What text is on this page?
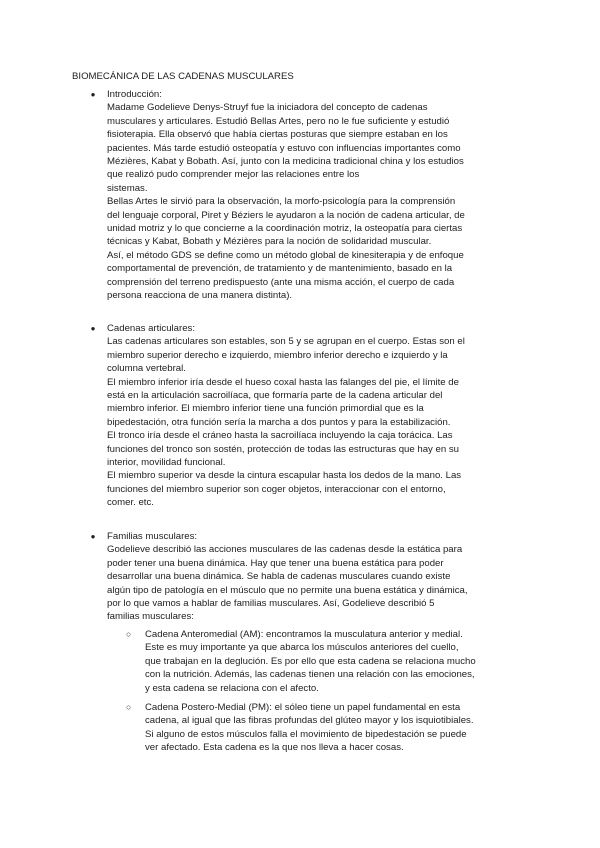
BIOMECÁNICA DE LAS CADENAS MUSCULARES
● Introducción:
Madame Godelieve Denys-Struyf fue la iniciadora del concepto de cadenas
musculares y articulares. Estudió Bellas Artes, pero no le fue suficiente y estudió
fisioterapia. Ella observó que había ciertas posturas que siempre estaban en los
pacientes. Más tarde estudió osteopatía y estuvo con influencias importantes como
Mézières, Kabat y Bobath. Así, junto con la medicina tradicional china y los estudios
que realizó pudo comprender mejor las relaciones entre los
sistemas.
Bellas Artes le sirvió para la observación, la morfo-psicología para la comprensión
del lenguaje corporal, Piret y Béziers le ayudaron a la noción de cadena articular, de
unidad motriz y lo que concierne a la coordinación motriz, la osteopatía para ciertas
técnicas y Kabat, Bobath y Mézières para la noción de solidaridad muscular.
Así, el método GDS se define como un método global de kinesiterapia y de enfoque
comportamental de prevención, de tratamiento y de mantenimiento, basado en la
comprensión del terreno predispuesto (ante una misma acción, el cuerpo de cada
persona reacciona de una manera distinta).
● Cadenas articulares:
Las cadenas articulares son estables, son 5 y se agrupan en el cuerpo. Estas son el
miembro superior derecho e izquierdo, miembro inferior derecho e izquierdo y la
columna vertebral.
El miembro inferior iría desde el hueso coxal hasta las falanges del pie, el límite de
está en la articulación sacroilíaca, que formaría parte de la cadena articular del
miembro inferior. El miembro inferior tiene una función primordial que es la
bipedestación, otra función sería la marcha a dos puntos y para la estabilización.
El tronco iría desde el cráneo hasta la sacroilíaca incluyendo la caja torácica. Las
funciones del tronco son sostén, protección de todas las estructuras que hay en su
interior, movilidad funcional.
El miembro superior va desde la cintura escapular hasta los dedos de la mano. Las
funciones del miembro superior son coger objetos, interaccionar con el entorno,
comer. etc.
● Familias musculares:
Godelieve describió las acciones musculares de las cadenas desde la estática para
poder tener una buena dinámica. Hay que tener una buena estática para poder
desarrollar una buena dinámica. Se habla de cadenas musculares cuando existe
algún tipo de patología en el músculo que no permite una buena estática y dinámica,
por lo que vamos a hablar de familias musculares. Así, Godelieve describió 5
familias musculares:
○ Cadena Anteromedial (AM): encontramos la musculatura anterior y medial.
Este es muy importante ya que abarca los músculos anteriores del cuello,
que trabajan en la deglución. Es por ello que esta cadena se relaciona mucho
con la nutrición. Además, las cadenas tienen una relación con las emociones,
y esta cadena se relaciona con el afecto.
○ Cadena Postero-Medial (PM): el sóleo tiene un papel fundamental en esta
cadena, al igual que las fibras profundas del glúteo mayor y los isquiotibiales.
Si alguno de estos músculos falla el movimiento de bipedestación se puede
ver afectado. Esta cadena es la que nos lleva a hacer cosas.
